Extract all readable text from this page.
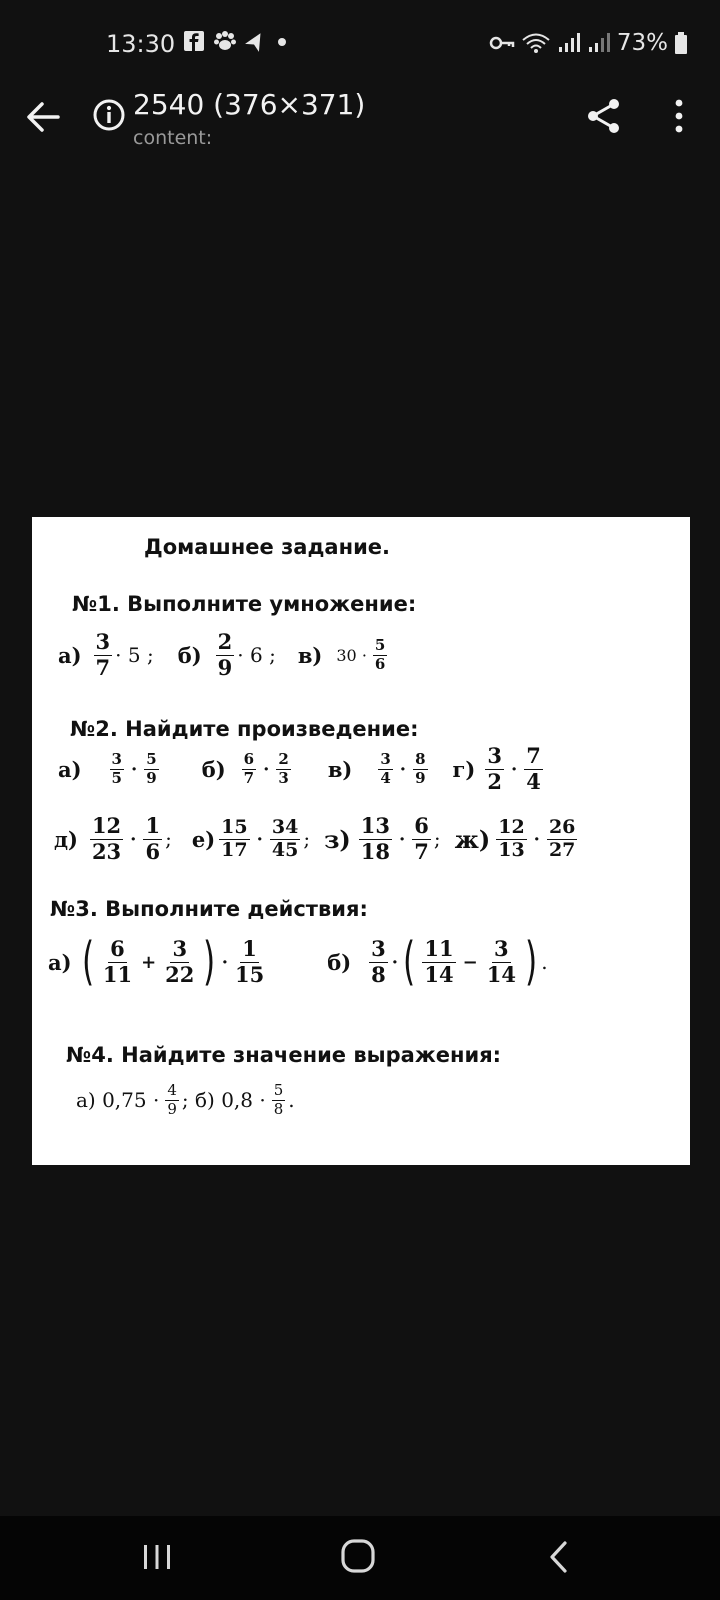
13:30	73%
2540 (376×371)
content:
Домашнее задание.
№1. Выполните умножение:
$а) \frac{3}{7} \cdot 5$ ; $б) \frac{2}{9} \cdot 6$ ; в) $30 \cdot \frac{5}{6}$
№2. Найдите произведение:
$а) \frac{3}{5} \cdot \frac{5}{9} б) \frac{6}{7} \cdot \frac{2}{3} в) \frac{3}{4} \cdot \frac{8}{9} г) \frac{3}{2} \cdot \frac{7}{4}$
$д) \frac{12}{23} \cdot \frac{1}{6}$ ; $е) \frac{15}{17} \cdot \frac{34}{45}$ ; $з) \frac{13}{18} \cdot \frac{6}{7}$ ; $ж) \frac{12}{13} \cdot \frac{26}{27}$
№3. Выполните действия:
а) ( $\frac{6}{11} + \frac{3}{22}$ ) · $\frac{1}{15}$	$б) \frac{3}{8}$ · ( $\frac{11}{14} - \frac{3}{14}$ ) .
№4. Найдите значение выражения:
а) $0,75 \cdot \frac{4}{9}$ ; б) $0,8 \cdot \frac{5}{8}$ .
